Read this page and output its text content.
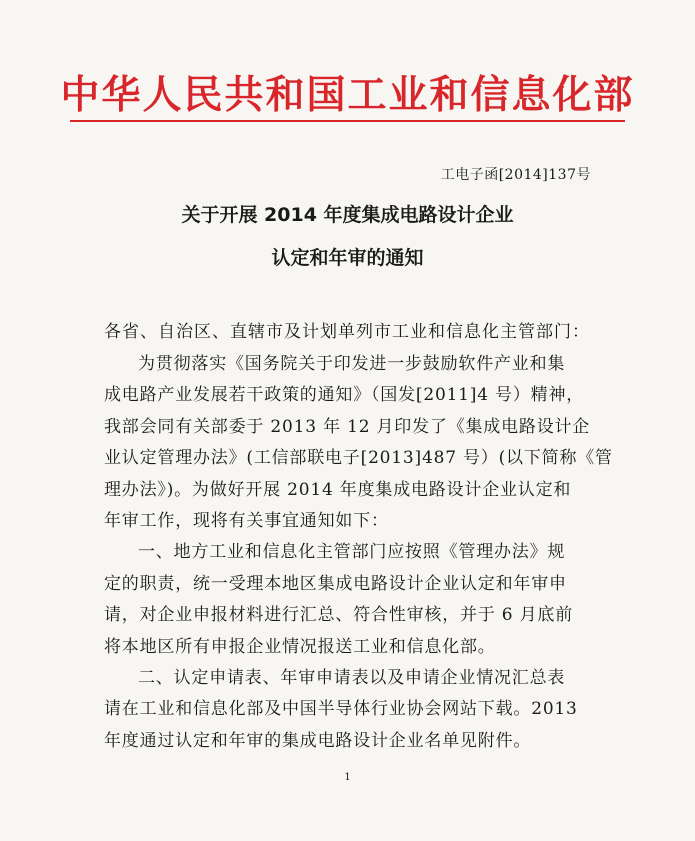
中华人民共和国工业和信息化部
工电子函[2014]137号
关于开展 2014 年度集成电路设计企业
认定和年审的通知
各省、自治区、直辖市及计划单列市工业和信息化主管部门：
为贯彻落实《国务院关于印发进一步鼓励软件产业和集
成电路产业发展若干政策的通知》（国发[2011]4 号）精神，
我部会同有关部委于 2013 年 12 月印发了《集成电路设计企
业认定管理办法》(工信部联电子[2013]487 号）(以下简称《管
理办法》)。为做好开展 2014 年度集成电路设计企业认定和
年审工作，现将有关事宜通知如下：
一、地方工业和信息化主管部门应按照《管理办法》规
定的职责，统一受理本地区集成电路设计企业认定和年审申
请，对企业申报材料进行汇总、符合性审核，并于 6 月底前
将本地区所有申报企业情况报送工业和信息化部。
二、认定申请表、年审申请表以及申请企业情况汇总表
请在工业和信息化部及中国半导体行业协会网站下载。2013
年度通过认定和年审的集成电路设计企业名单见附件。
1
